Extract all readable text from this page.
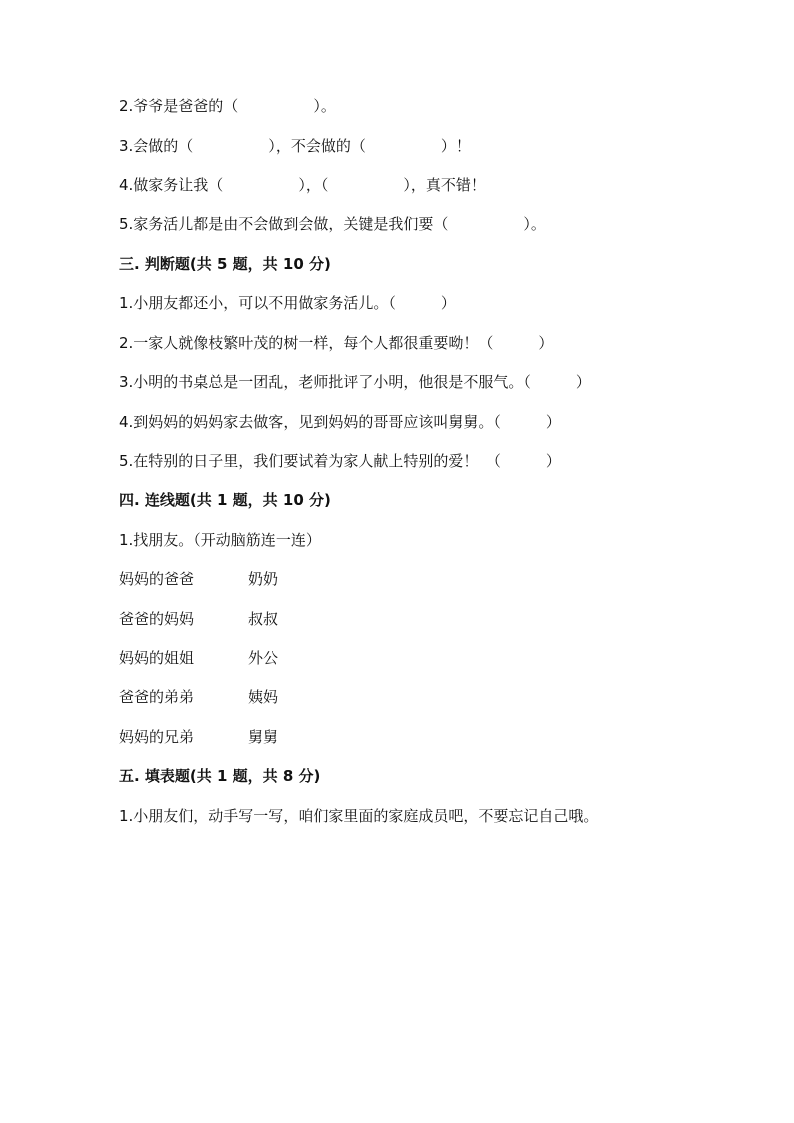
2.爷爷是爸爸的（　　　　　）。
3.会做的（　　　　　），不会做的（　　　　　）！
4.做家务让我（　　　　　），（　　　　　），真不错！
5.家务活儿都是由不会做到会做，关键是我们要（　　　　　）。
三. 判断题(共 5 题，共 10 分)
1.小朋友都还小，可以不用做家务活儿。（　　　）
2.一家人就像枝繁叶茂的树一样，每个人都很重要呦！（　　　）
3.小明的书桌总是一团乱，老师批评了小明，他很是不服气。（　　　）
4.到妈妈的妈妈家去做客，见到妈妈的哥哥应该叫舅舅。（　　　）
5.在特别的日子里，我们要试着为家人献上特别的爱！　（　　　）
四. 连线题(共 1 题，共 10 分)
1.找朋友。（开动脑筋连一连）
妈妈的爸爸	奶奶
爸爸的妈妈	叔叔
妈妈的姐姐	外公
爸爸的弟弟	姨妈
妈妈的兄弟	舅舅
五. 填表题(共 1 题，共 8 分)
1.小朋友们，动手写一写，咱们家里面的家庭成员吧，不要忘记自己哦。
